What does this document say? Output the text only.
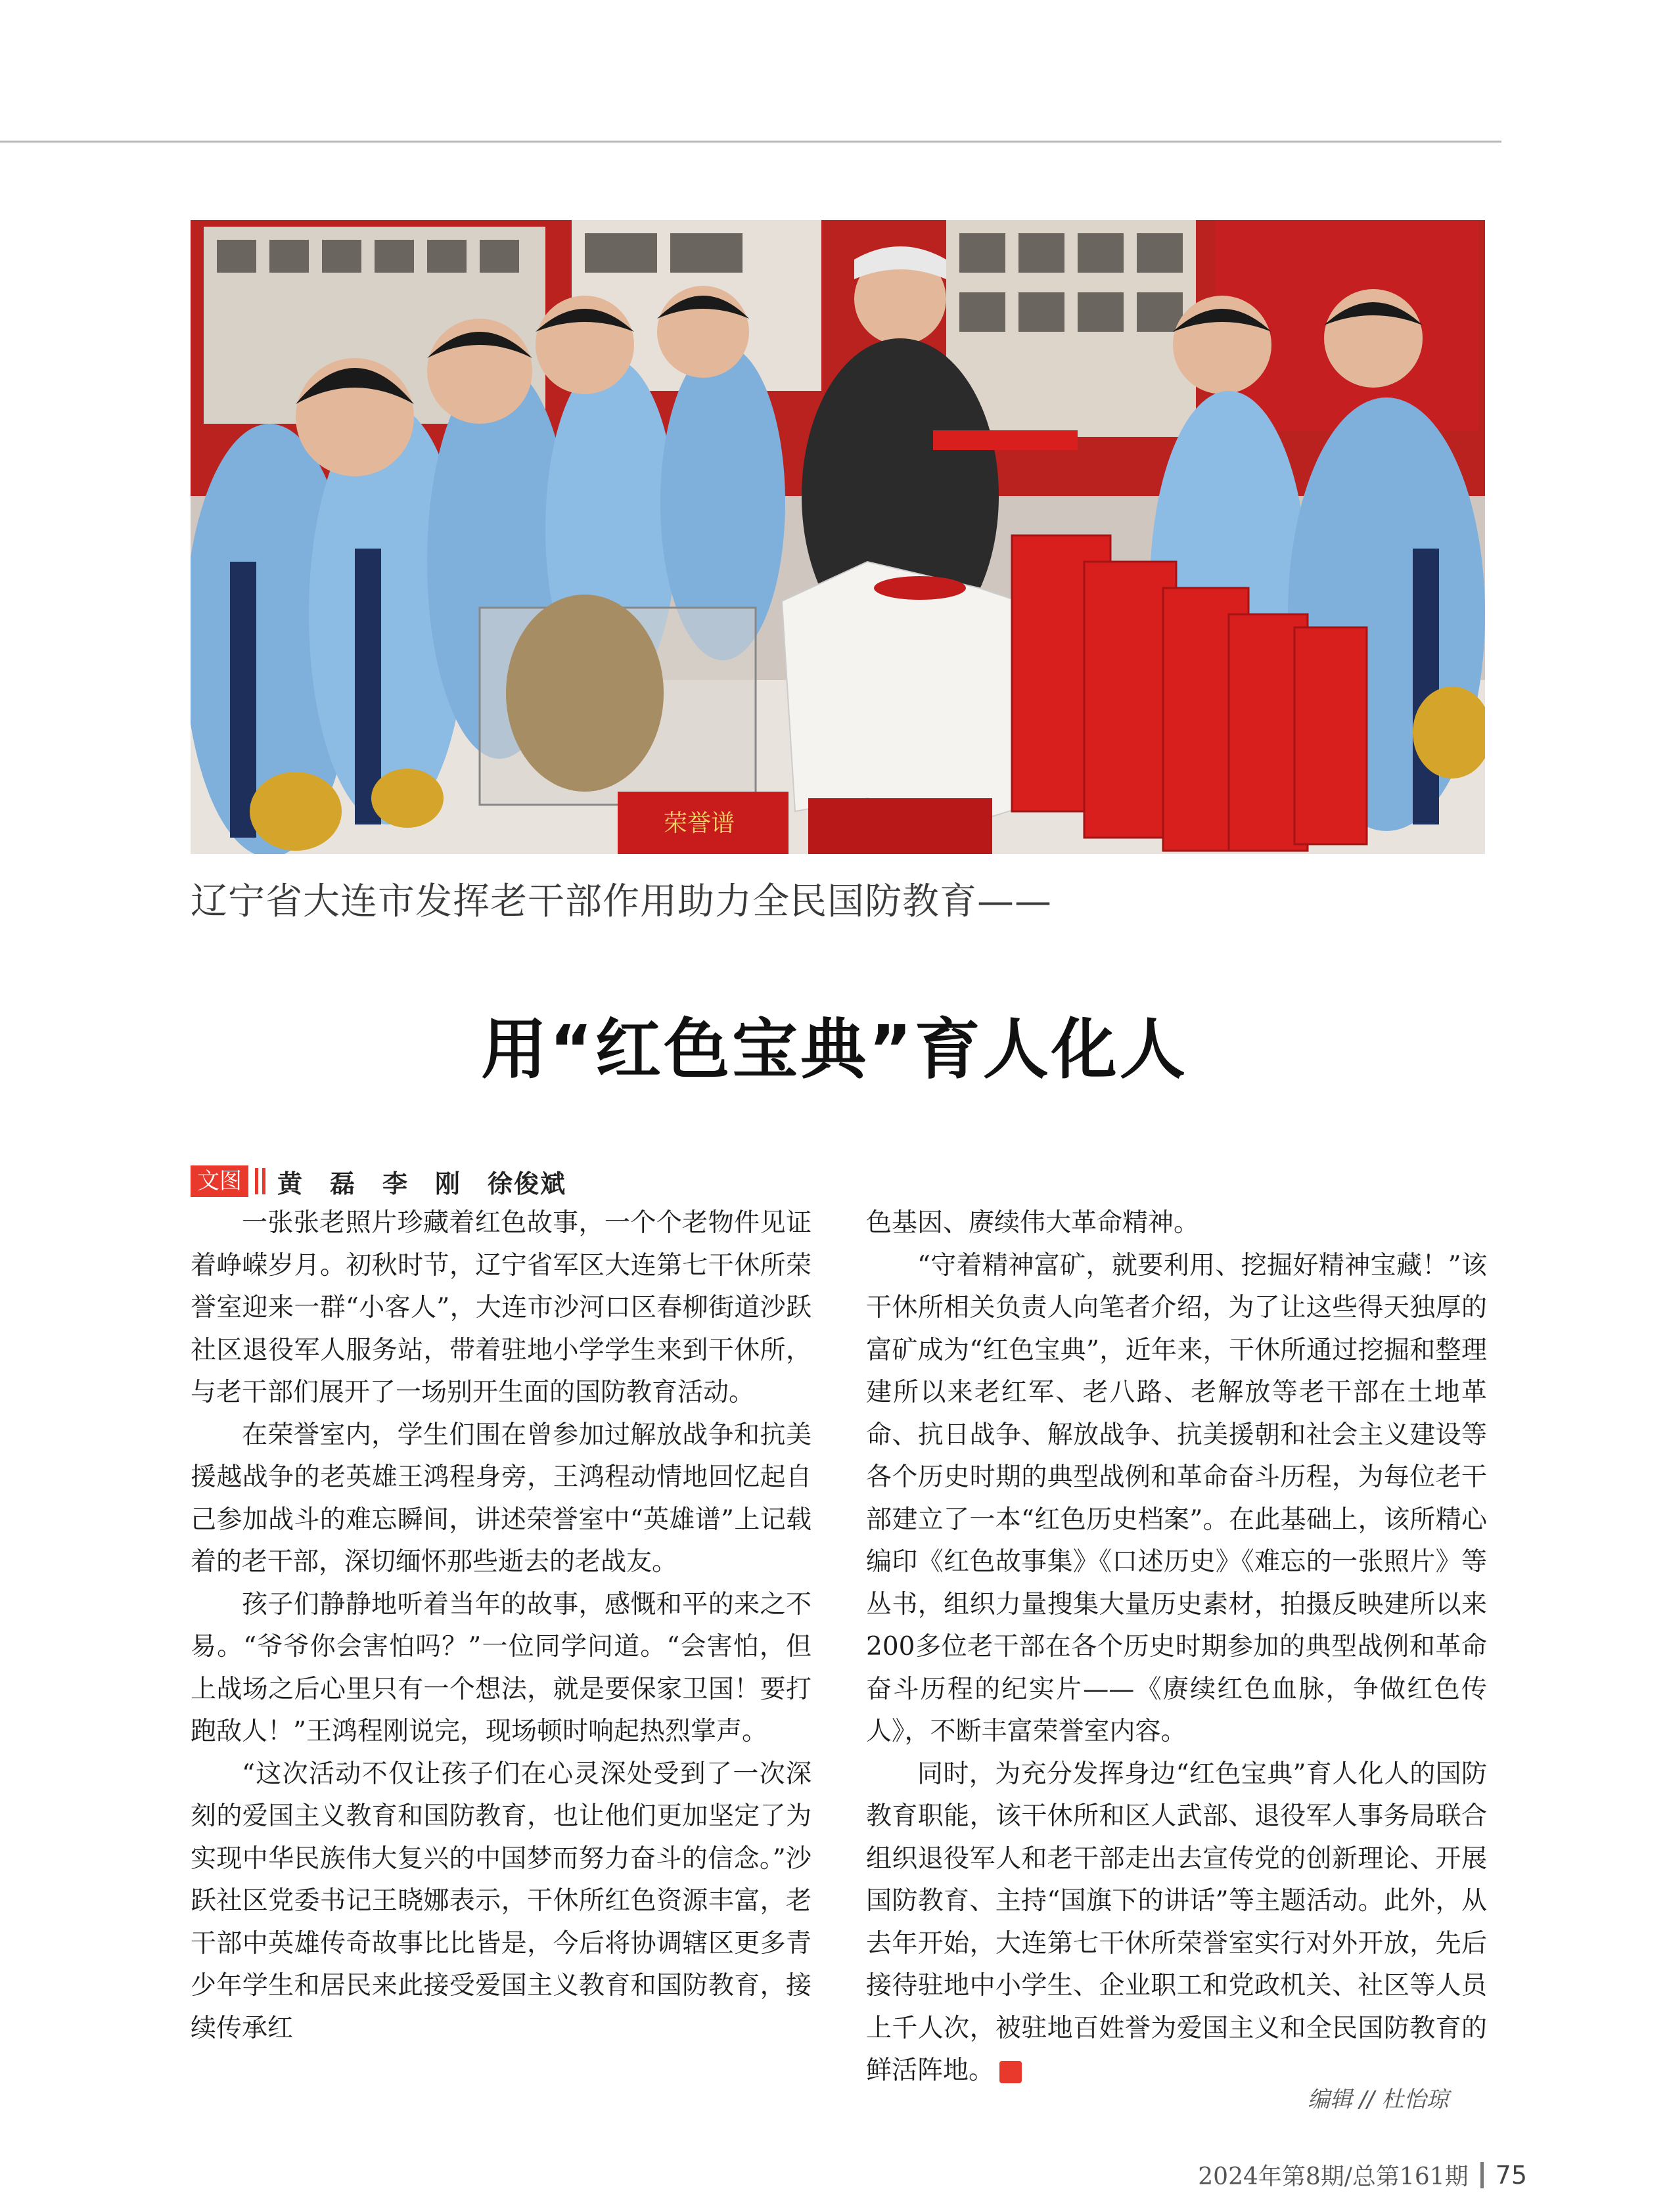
荣誉谱
辽宁省大连市发挥老干部作用助力全民国防教育——
用“红色宝典”育人化人
文图 黄　磊　李　刚　徐俊斌

一张张老照片珍藏着红色故事，一个个老物件见证着峥嵘岁月。初秋时节，辽宁省军区大连第七干休所荣誉室迎来一群“小客人”，大连市沙河口区春柳街道沙跃社区退役军人服务站，带着驻地小学学生来到干休所，与老干部们展开了一场别开生面的国防教育活动。

在荣誉室内，学生们围在曾参加过解放战争和抗美援越战争的老英雄王鸿程身旁，王鸿程动情地回忆起自己参加战斗的难忘瞬间，讲述荣誉室中“英雄谱”上记载着的老干部，深切缅怀那些逝去的老战友。

孩子们静静地听着当年的故事，感慨和平的来之不易。“爷爷你会害怕吗？”一位同学问道。“会害怕，但上战场之后心里只有一个想法，就是要保家卫国！要打跑敌人！”王鸿程刚说完，现场顿时响起热烈掌声。

“这次活动不仅让孩子们在心灵深处受到了一次深刻的爱国主义教育和国防教育，也让他们更加坚定了为实现中华民族伟大复兴的中国梦而努力奋斗的信念。”沙跃社区党委书记王晓娜表示，干休所红色资源丰富，老干部中英雄传奇故事比比皆是，今后将协调辖区更多青少年学生和居民来此接受爱国主义教育和国防教育，接续传承红

色基因、赓续伟大革命精神。

“守着精神富矿，就要利用、挖掘好精神宝藏！”该干休所相关负责人向笔者介绍，为了让这些得天独厚的富矿成为“红色宝典”，近年来，干休所通过挖掘和整理建所以来老红军、老八路、老解放等老干部在土地革命、抗日战争、解放战争、抗美援朝和社会主义建设等各个历史时期的典型战例和革命奋斗历程，为每位老干部建立了一本“红色历史档案”。在此基础上，该所精心编印《红色故事集》《口述历史》《难忘的一张照片》等丛书，组织力量搜集大量历史素材，拍摄反映建所以来200多位老干部在各个历史时期参加的典型战例和革命奋斗历程的纪实片——《赓续红色血脉，争做红色传人》，不断丰富荣誉室内容。

同时，为充分发挥身边“红色宝典”育人化人的国防教育职能，该干休所和区人武部、退役军人事务局联合组织退役军人和老干部走出去宣传党的创新理论、开展国防教育、主持“国旗下的讲话”等主题活动。此外，从去年开始，大连第七干休所荣誉室实行对外开放，先后接待驻地中小学生、企业职工和党政机关、社区等人员上千人次，被驻地百姓誉为爱国主义和全民国防教育的鲜活阵地。	G

编辑 // 杜怡琼
2024年第8期/总第161期 75
